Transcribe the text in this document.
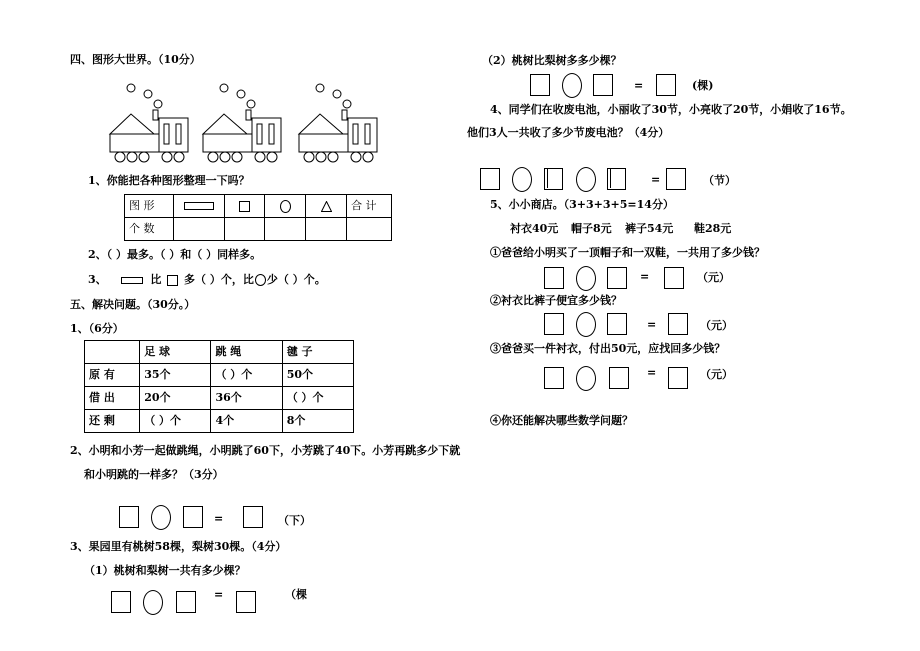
四、图形大世界。（10分）
1、你能把各种图形整理一下吗？
图 形					合 计
个 数					
2、（ ）最多。（ ）和（ ）同样多。
3、	比 多（ ）个，比 少（ ）个。
五、解决问题。（30分。）
1、（6分）
	足 球	跳 绳	毽 子
原 有	35个	（ ）个	50个
借 出	20个	36个	（ ）个
还 剩	（ ）个	4个	8个
2、小明和小芳一起做跳绳，小明跳了60下，小芳跳了40下。小芳再跳多少下就
和小明跳的一样多？（3分）
=	（下）
3、果园里有桃树58棵，梨树30棵。（4分）
（1）桃树和梨树一共有多少棵？
=	（棵
（2）桃树比梨树多多少棵？
=	(棵)
4、同学们在收废电池，小丽收了30节，小亮收了20节，小娟收了16节。
他们3人一共收了多少节废电池？（4分）
=	（节）
5、小小商店。（3+3+3+5=14分）
衬衣40元 帽子8元 裤子54元 鞋28元
①爸爸给小明买了一顶帽子和一双鞋，一共用了多少钱？
=	（元）
②衬衣比裤子便宜多少钱？
=	（元）
③爸爸买一件衬衣，付出50元，应找回多少钱？
=	（元）
④你还能解决哪些数学问题？
